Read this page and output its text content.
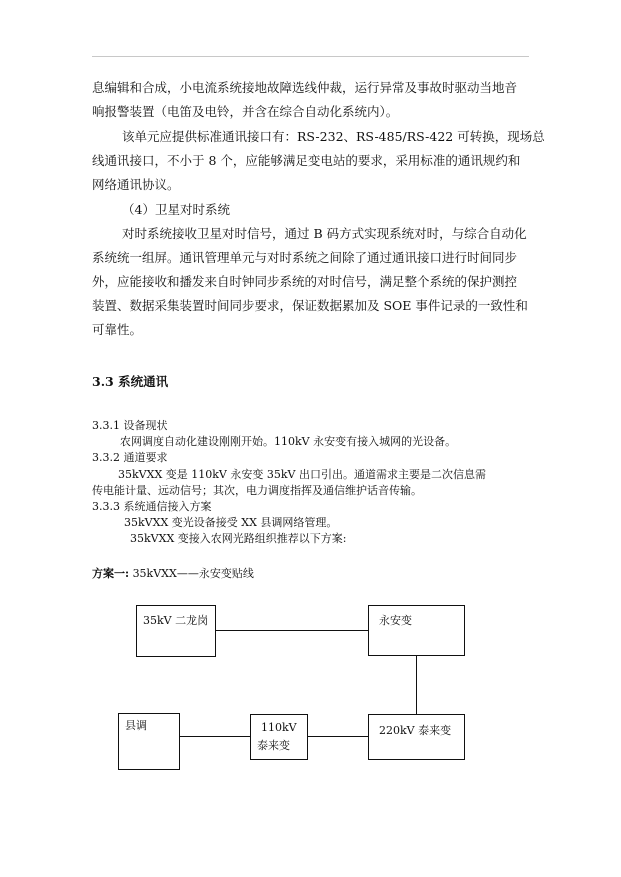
息编辑和合成，小电流系统接地故障选线仲裁，运行异常及事故时驱动当地音
响报警装置（电笛及电铃，并含在综合自动化系统内）。
该单元应提供标准通讯接口有：RS-232、RS-485/RS-422 可转换，现场总
线通讯接口，不小于 8 个，应能够满足变电站的要求，采用标准的通讯规约和
网络通讯协议。
（4）卫星对时系统
对时系统接收卫星对时信号，通过 B 码方式实现系统对时，与综合自动化
系统统一组屏。通讯管理单元与对时系统之间除了通过通讯接口进行时间同步
外，应能接收和播发来自时钟同步系统的对时信号，满足整个系统的保护测控
装置、数据采集装置时间同步要求，保证数据累加及 SOE 事件记录的一致性和
可靠性。
3.3 系统通讯
3.3.1 设备现状
农网调度自动化建设刚刚开始。110kV 永安变有接入城网的光设备。
3.3.2 通道要求
35kVXX 变是 110kV 永安变 35kV 出口引出。通道需求主要是二次信息需
传电能计量、远动信号；其次，电力调度指挥及通信维护话音传输。
3.3.3 系统通信接入方案
35kVXX 变光设备接受 XX 县调网络管理。
35kVXX 变接入农网光路组织推荐以下方案:
方案一: 35kVXX——永安变贴线
35kV 二龙岗	永安变
县调	110kV
泰来变
220kV 泰来变
